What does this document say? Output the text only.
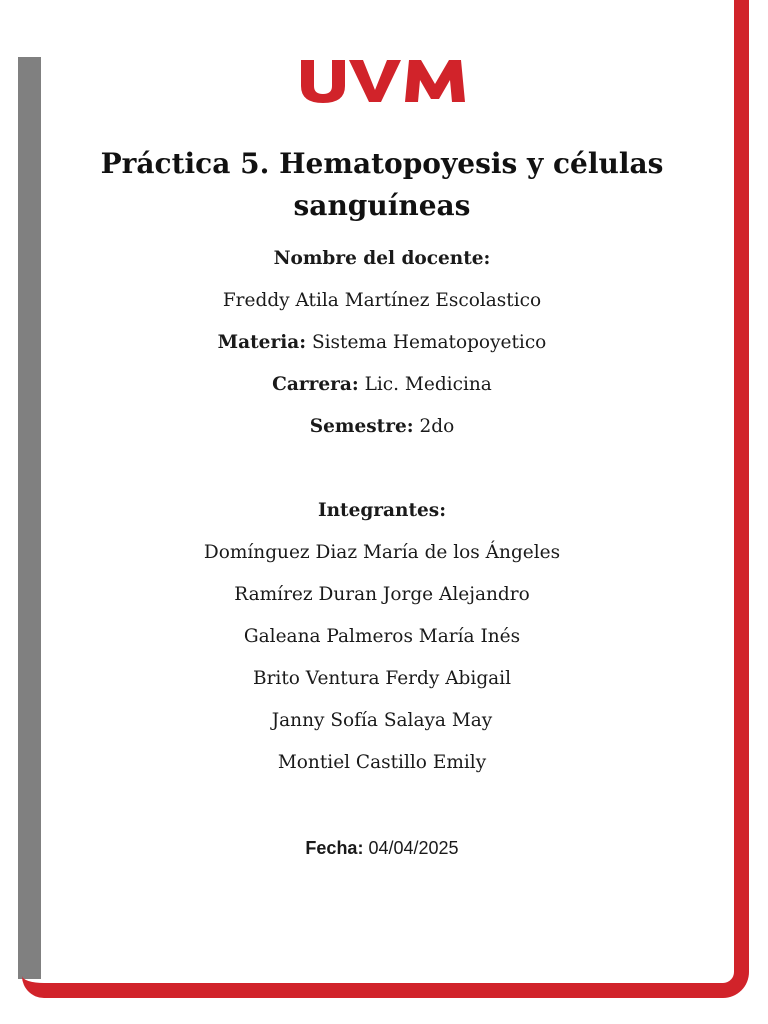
Práctica 5. Hematopoyesis y células sanguíneas
Nombre del docente:
Freddy Atila Martínez Escolastico
Materia: Sistema Hematopoyetico
Carrera: Lic. Medicina
Semestre: 2do
Integrantes:
Domínguez Diaz María de los Ángeles
Ramírez Duran Jorge Alejandro
Galeana Palmeros María Inés
Brito Ventura Ferdy Abigail
Janny Sofía Salaya May
Montiel Castillo Emily
Fecha: 04/04/2025
